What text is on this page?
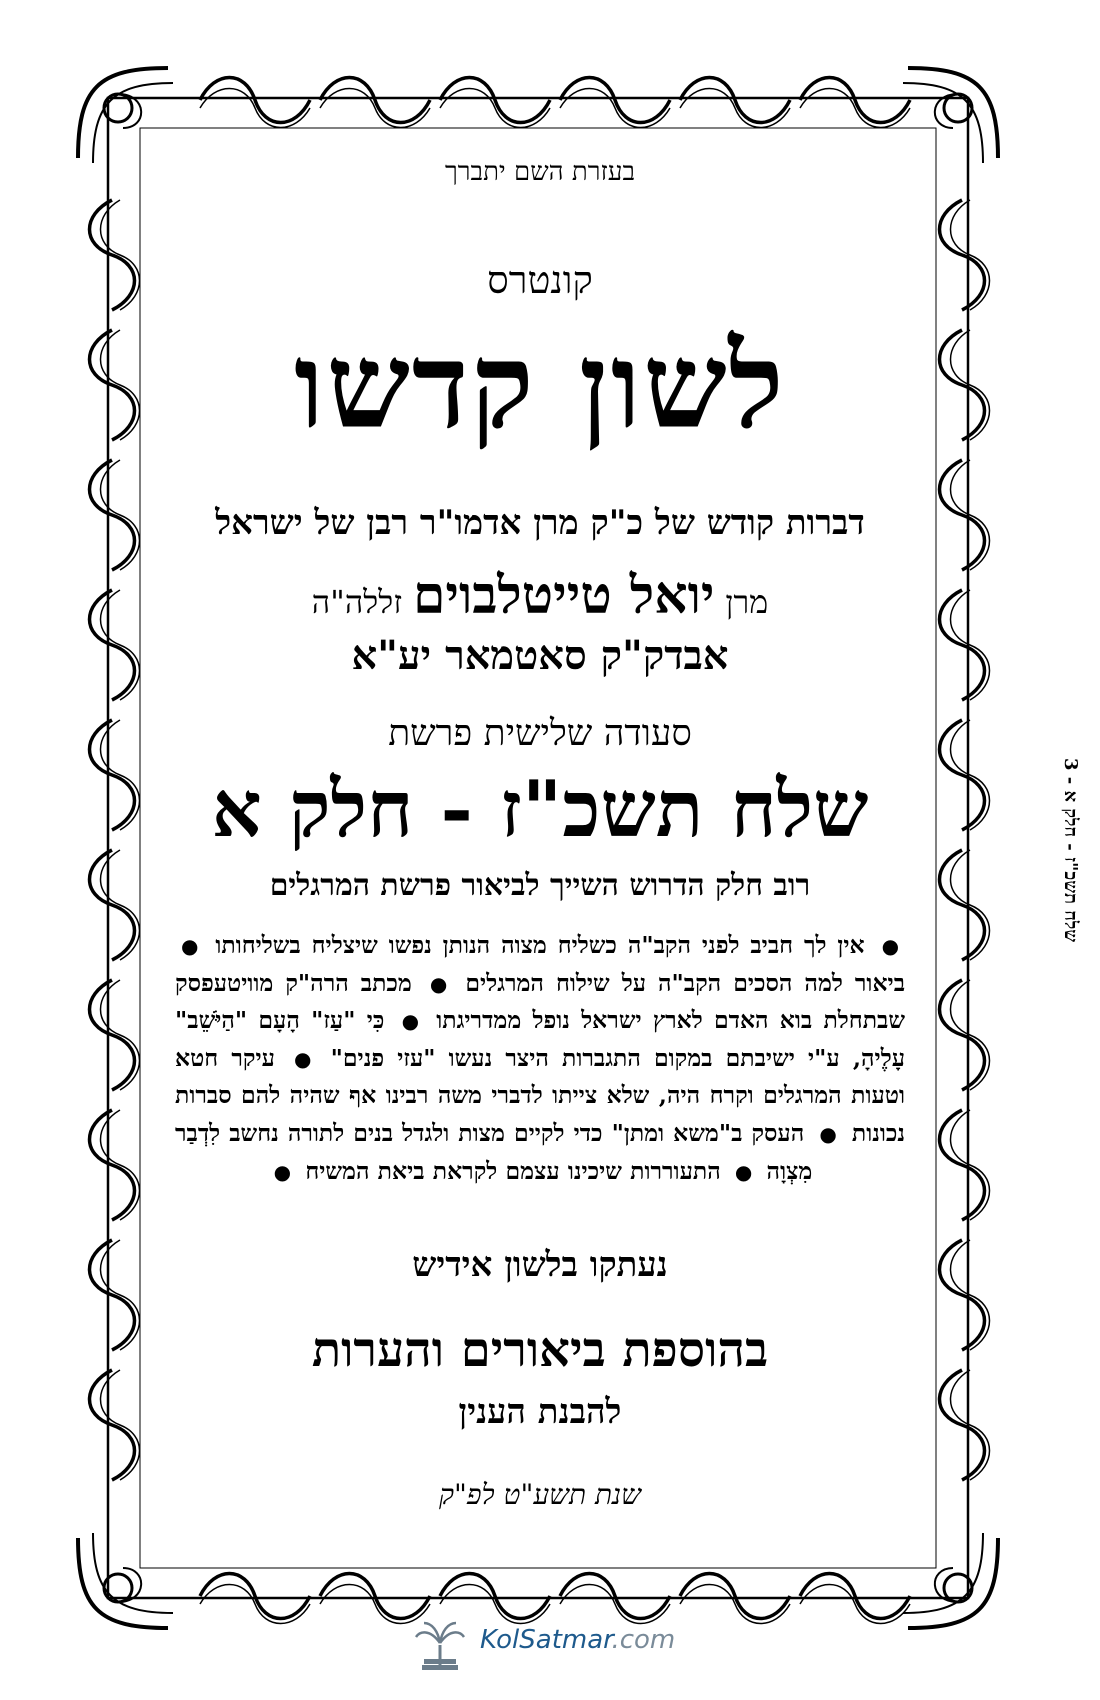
בעזרת השם יתברך
קונטרס
לשון קדשו
דברות קודש של כ"ק מרן אדמו"ר רבן של ישראל
מרן יואל טייטלבוים זללה"ה
אבדק"ק סאטמאר יע"א
סעודה שלישית פרשת
שלח תשכ"ז - חלק א
רוב חלק הדרוש השייך לביאור פרשת המרגלים
● אין לך חביב לפני הקב"ה כשליח מצוה הנותן נפשו שיצליח בשליחותו ● ביאור למה הסכים הקב"ה על שילוח המרגלים ● מכתב הרה"ק מוויטעפסק שבתחלת בוא האדם לארץ ישראל נופל ממדריגתו ● כִּי "עַז" הָעָם "הַיֹּשֵׁב" עָלֶיהָ, ע"י ישיבתם במקום התגברות היצר נעשו "עזי פנים" ● עיקר חטא וטעות המרגלים וקרח היה, שלא צייתו לדברי משה רבינו אף שהיה להם סברות נכונות ● העסק ב"משא ומתן" כדי לקיים מצות ולגדל בנים לתורה נחשב לִדְבַר מִצְוָה ● התעוררות שיכינו עצמם לקראת ביאת המשיח ●
נעתקו בלשון אידיש
בהוספת ביאורים והערות
להבנת הענין
שנת תשע"ט לפ"ק
שלח תשכ"ז - חלק א - 3
KolSatmar.com
